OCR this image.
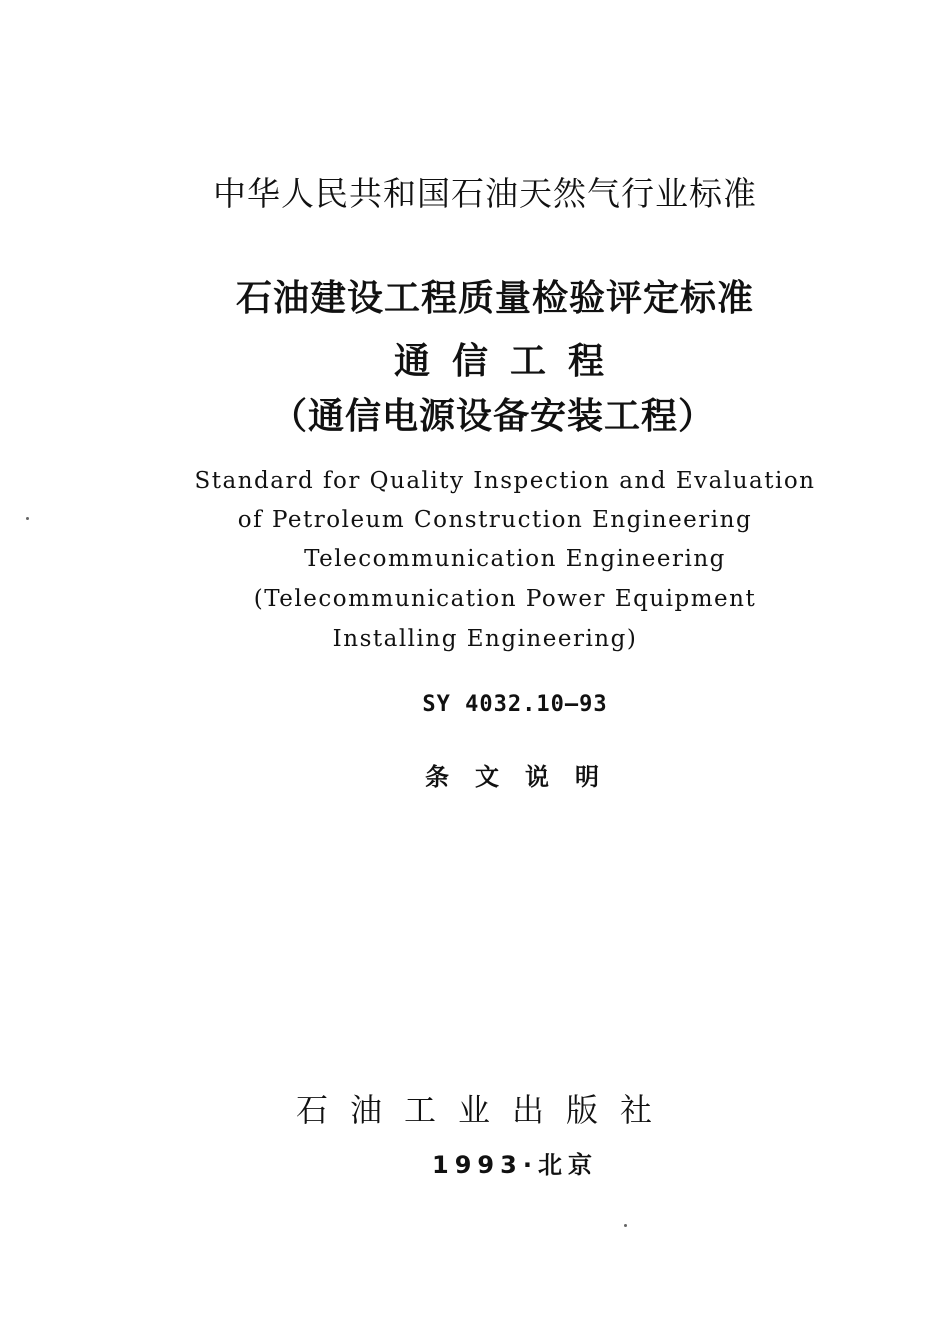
中华人民共和国石油天然气行业标准
石油建设工程质量检验评定标准
通信工程
（通信电源设备安装工程）
Standard for Quality Inspection and Evaluation
of Petroleum Construction Engineering
Telecommunication Engineering
(Telecommunication Power Equipment
Installing Engineering)
SY 4032.10—93
条文说明
石油工业出版社
1993·北京
